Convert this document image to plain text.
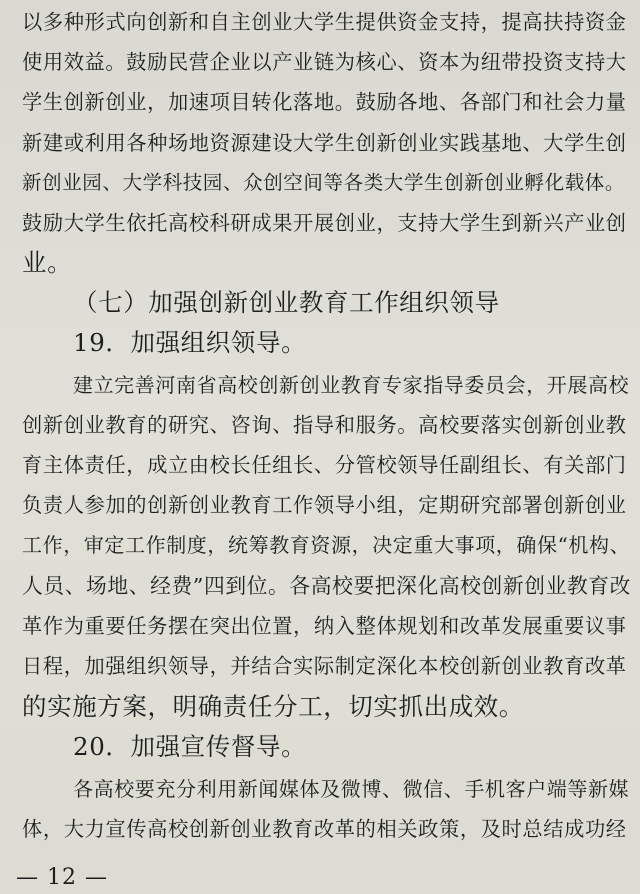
以多种形式向创新和自主创业大学生提供资金支持，提高扶持资金
使用效益。鼓励民营企业以产业链为核心、资本为纽带投资支持大
学生创新创业，加速项目转化落地。鼓励各地、各部门和社会力量
新建或利用各种场地资源建设大学生创新创业实践基地、大学生创
新创业园、大学科技园、众创空间等各类大学生创新创业孵化载体。
鼓励大学生依托高校科研成果开展创业，支持大学生到新兴产业创
业。
（七）加强创新创业教育工作组织领导
19．加强组织领导。
建立完善河南省高校创新创业教育专家指导委员会，开展高校
创新创业教育的研究、咨询、指导和服务。高校要落实创新创业教
育主体责任，成立由校长任组长、分管校领导任副组长、有关部门
负责人参加的创新创业教育工作领导小组，定期研究部署创新创业
工作，审定工作制度，统筹教育资源，决定重大事项，确保“机构、
人员、场地、经费”四到位。各高校要把深化高校创新创业教育改
革作为重要任务摆在突出位置，纳入整体规划和改革发展重要议事
日程，加强组织领导，并结合实际制定深化本校创新创业教育改革
的实施方案，明确责任分工，切实抓出成效。
20．加强宣传督导。
各高校要充分利用新闻媒体及微博、微信、手机客户端等新媒
体，大力宣传高校创新创业教育改革的相关政策，及时总结成功经
— 12 —
